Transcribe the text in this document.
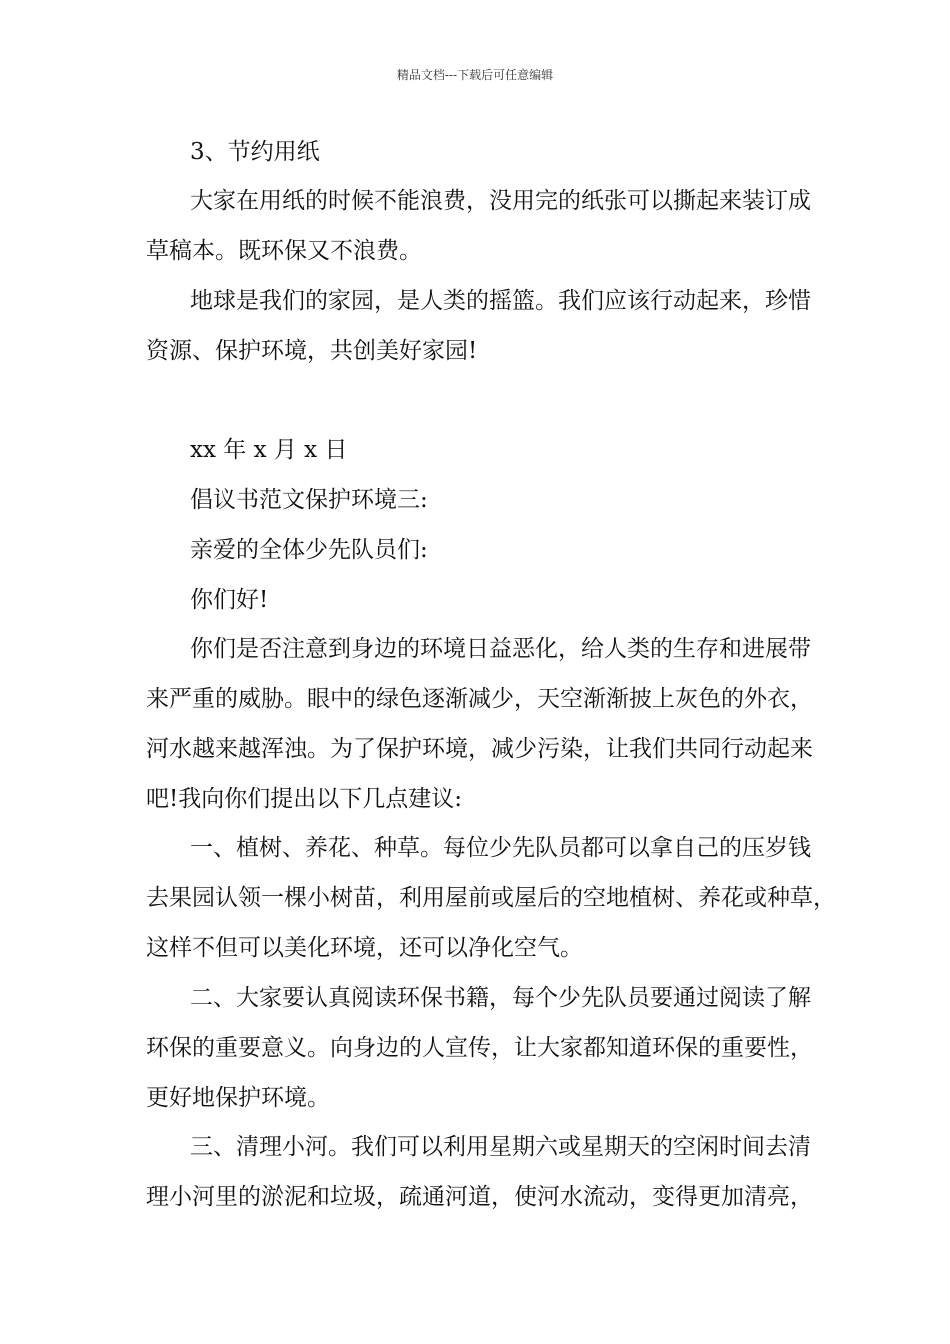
精品文档---下载后可任意编辑
3、节约用纸
大家在用纸的时候不能浪费，没用完的纸张可以撕起来装订成
草稿本。既环保又不浪费。
地球是我们的家园，是人类的摇篮。我们应该行动起来，珍惜
资源、保护环境，共创美好家园!
xx 年 x 月 x 日
倡议书范文保护环境三:
亲爱的全体少先队员们:
你们好!
你们是否注意到身边的环境日益恶化，给人类的生存和进展带
来严重的威胁。眼中的绿色逐渐减少，天空渐渐披上灰色的外衣，
河水越来越浑浊。为了保护环境，减少污染，让我们共同行动起来
吧!我向你们提出以下几点建议:
一、植树、养花、种草。每位少先队员都可以拿自己的压岁钱
去果园认领一棵小树苗，利用屋前或屋后的空地植树、养花或种草，
这样不但可以美化环境，还可以净化空气。
二、大家要认真阅读环保书籍，每个少先队员要通过阅读了解
环保的重要意义。向身边的人宣传，让大家都知道环保的重要性，
更好地保护环境。
三、清理小河。我们可以利用星期六或星期天的空闲时间去清
理小河里的淤泥和垃圾，疏通河道，使河水流动，变得更加清亮，
